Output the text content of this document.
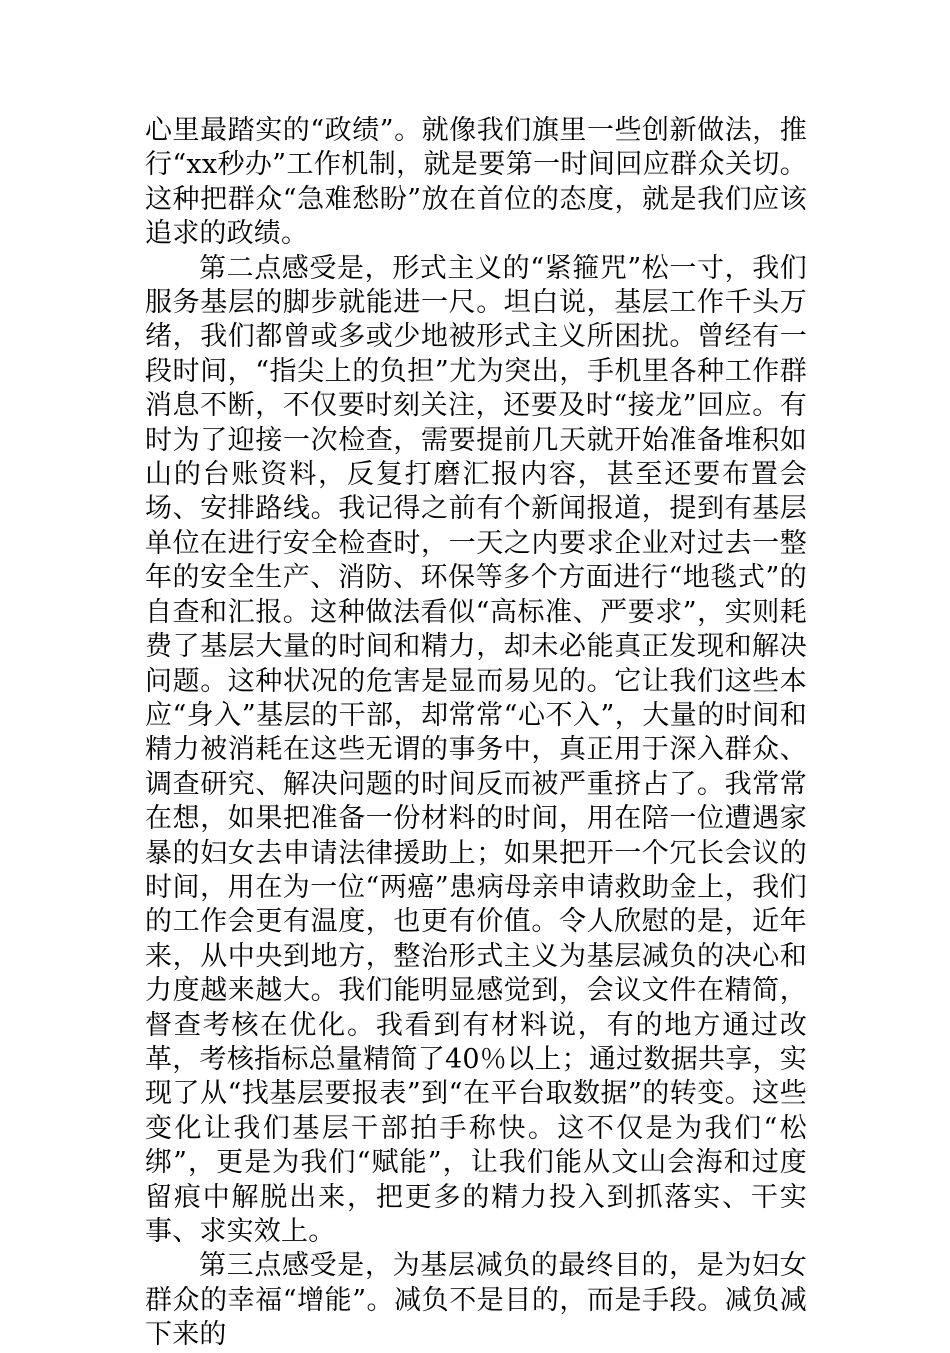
心里最踏实的“政绩”。就像我们旗里一些创新做法，推行“xx秒办”工作机制，就是要第一时间回应群众关切。这种把群众“急难愁盼”放在首位的态度，就是我们应该追求的政绩。

第二点感受是，形式主义的“紧箍咒”松一寸，我们服务基层的脚步就能进一尺。坦白说，基层工作千头万绪，我们都曾或多或少地被形式主义所困扰。曾经有一段时间，“指尖上的负担”尤为突出，手机里各种工作群消息不断，不仅要时刻关注，还要及时“接龙”回应。有时为了迎接一次检查，需要提前几天就开始准备堆积如山的台账资料，反复打磨汇报内容，甚至还要布置会场、安排路线。我记得之前有个新闻报道，提到有基层单位在进行安全检查时，一天之内要求企业对过去一整年的安全生产、消防、环保等多个方面进行“地毯式”的自查和汇报。这种做法看似“高标准、严要求”，实则耗费了基层大量的时间和精力，却未必能真正发现和解决问题。这种状况的危害是显而易见的。它让我们这些本应“身入”基层的干部，却常常“心不入”，大量的时间和精力被消耗在这些无谓的事务中，真正用于深入群众、调查研究、解决问题的时间反而被严重挤占了。我常常在想，如果把准备一份材料的时间，用在陪一位遭遇家暴的妇女去申请法律援助上；如果把开一个冗长会议的时间，用在为一位“两癌”患病母亲申请救助金上，我们的工作会更有温度，也更有价值。令人欣慰的是，近年来，从中央到地方，整治形式主义为基层减负的决心和力度越来越大。我们能明显感觉到，会议文件在精简，督查考核在优化。我看到有材料说，有的地方通过改革，考核指标总量精简了40％以上；通过数据共享，实现了从“找基层要报表”到“在平台取数据”的转变。这些变化让我们基层干部拍手称快。这不仅是为我们“松绑”，更是为我们“赋能”，让我们能从文山会海和过度留痕中解脱出来，把更多的精力投入到抓落实、干实事、求实效上。

第三点感受是，为基层减负的最终目的，是为妇女群众的幸福“增能”。减负不是目的，而是手段。减负减下来的
